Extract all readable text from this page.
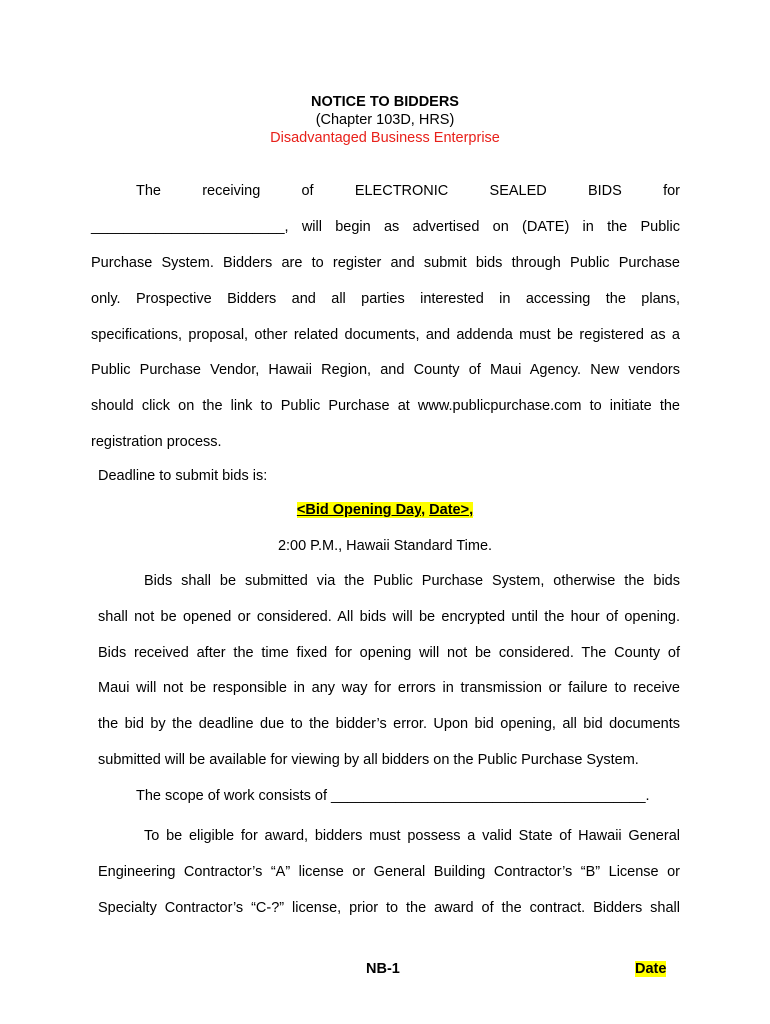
NOTICE TO BIDDERS
(Chapter 103D, HRS)
Disadvantaged Business Enterprise
The receiving of ELECTRONIC SEALED BIDS for
________________________, will begin as advertised on (DATE) in the Public
Purchase System. Bidders are to register and submit bids through Public Purchase
only. Prospective Bidders and all parties interested in accessing the plans,
specifications, proposal, other related documents, and addenda must be registered as a
Public Purchase Vendor, Hawaii Region, and County of Maui Agency. New vendors
should click on the link to Public Purchase at www.publicpurchase.com to initiate the
registration process.
Deadline to submit bids is:
<Bid Opening Day, Date>,
2:00 P.M., Hawaii Standard Time.
Bids shall be submitted via the Public Purchase System, otherwise the bids
shall not be opened or considered. All bids will be encrypted until the hour of opening.
Bids received after the time fixed for opening will not be considered. The County of
Maui will not be responsible in any way for errors in transmission or failure to receive
the bid by the deadline due to the bidder’s error. Upon bid opening, all bid documents
submitted will be available for viewing by all bidders on the Public Purchase System.
The scope of work consists of _______________________________________.
To be eligible for award, bidders must possess a valid State of Hawaii General
Engineering Contractor’s “A” license or General Building Contractor’s “B” License or
Specialty Contractor’s “C-?” license, prior to the award of the contract. Bidders shall
NB-1	Date
